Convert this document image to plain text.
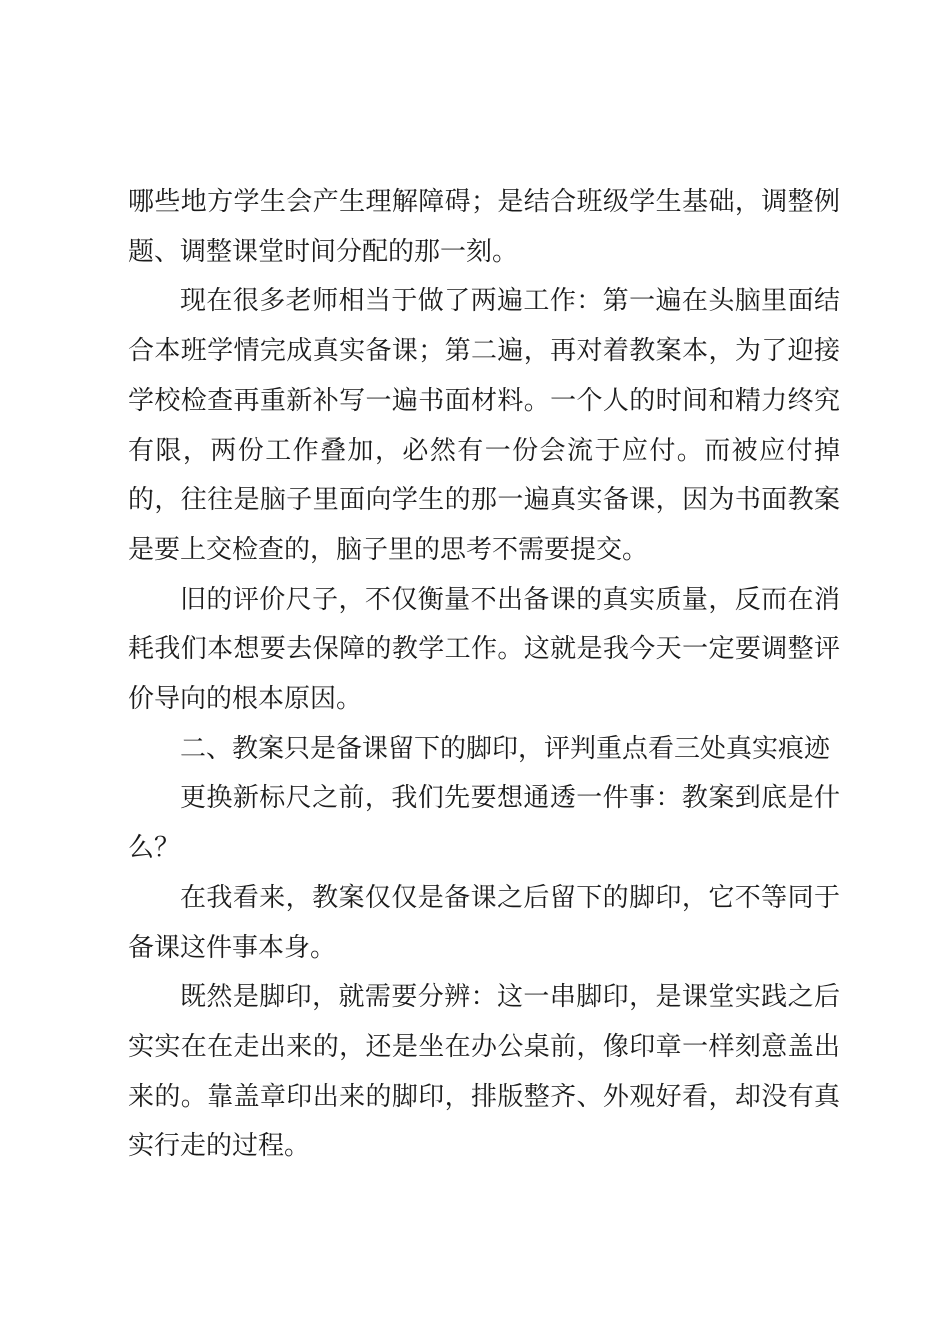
哪些地方学生会产生理解障碍；是结合班级学生基础，调整例题、调整课堂时间分配的那一刻。

现在很多老师相当于做了两遍工作：第一遍在头脑里面结合本班学情完成真实备课；第二遍，再对着教案本，为了迎接学校检查再重新补写一遍书面材料。一个人的时间和精力终究有限，两份工作叠加，必然有一份会流于应付。而被应付掉的，往往是脑子里面向学生的那一遍真实备课，因为书面教案是要上交检查的，脑子里的思考不需要提交。

旧的评价尺子，不仅衡量不出备课的真实质量，反而在消耗我们本想要去保障的教学工作。这就是我今天一定要调整评价导向的根本原因。

二、教案只是备课留下的脚印，评判重点看三处真实痕迹

更换新标尺之前，我们先要想通透一件事：教案到底是什么？

在我看来，教案仅仅是备课之后留下的脚印，它不等同于备课这件事本身。

既然是脚印，就需要分辨：这一串脚印，是课堂实践之后实实在在走出来的，还是坐在办公桌前，像印章一样刻意盖出来的。靠盖章印出来的脚印，排版整齐、外观好看，却没有真实行走的过程。
